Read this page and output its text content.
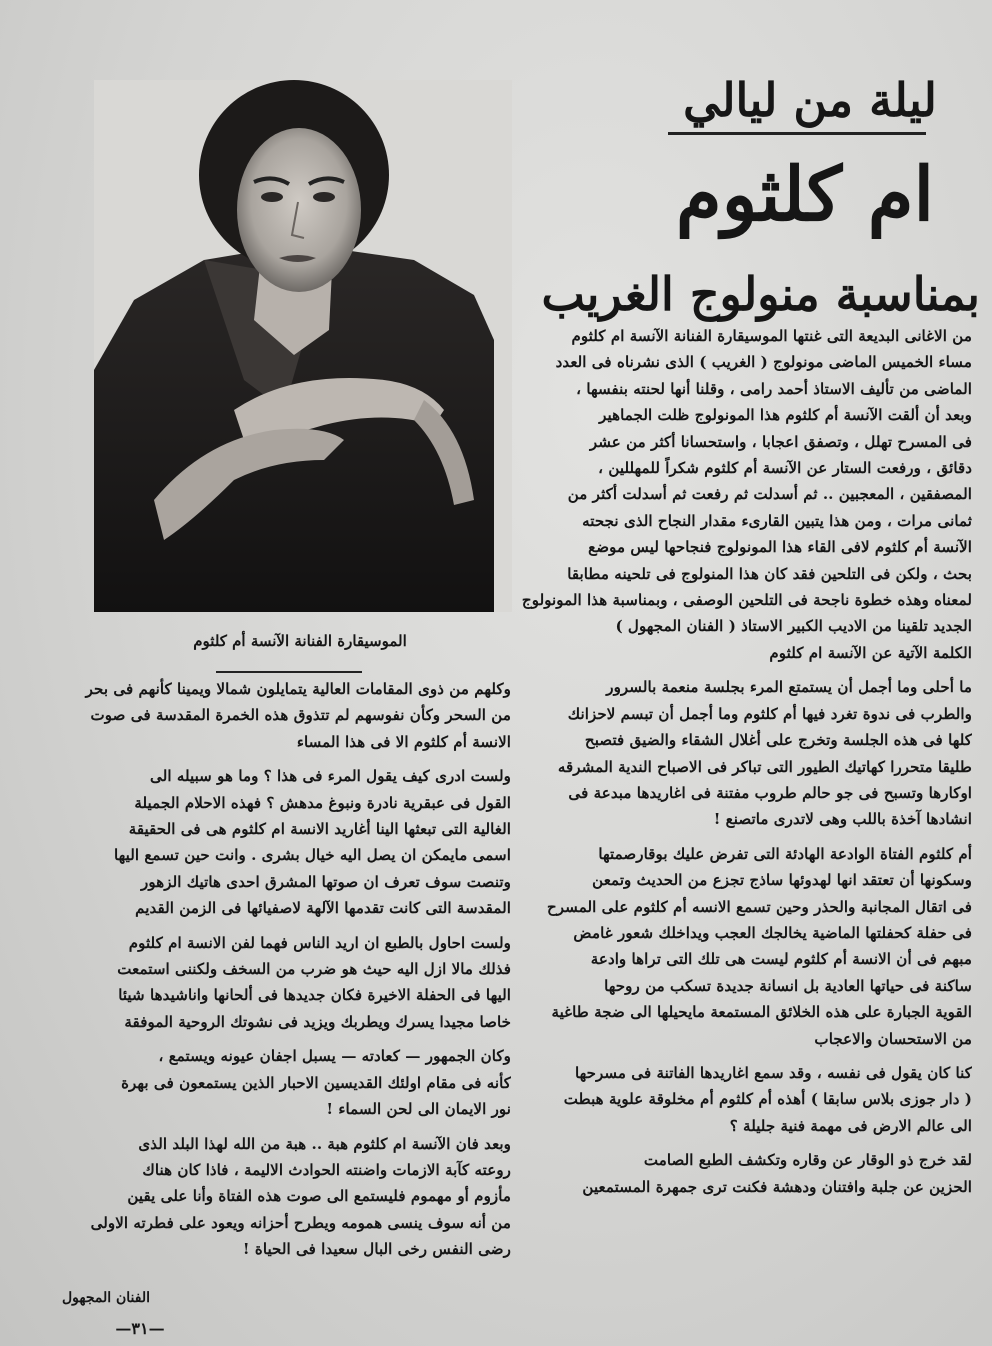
ليلة من ليالي
ام كلثوم
بمناسبة منولوج الغريب
الموسيقارة الفنانة الآنسة أم كلثوم

من الاغانى البديعة التى غنتها الموسيقارة الفنانة الآنسة ام كلثوم
مساء الخميس الماضى مونولوج ( الغريب ) الذى نشرناه فى العدد
الماضى من تأليف الاستاذ أحمد رامى ، وقلنا أنها لحنته بنفسها ،
وبعد أن ألقت الآنسة أم كلثوم هذا المونولوج ظلت الجماهير
فى المسرح تهلل ، وتصفق اعجابا ، واستحسانا أكثر من عشر
دقائق ، ورفعت الستار عن الآنسة أم كلثوم شكراً للمهللين ،
المصفقين ، المعجبين .. ثم أسدلت ثم رفعت ثم أسدلت أكثر من
ثمانى مرات ، ومن هذا يتبين القارىء مقدار النجاح الذى نجحته
الآنسة أم كلثوم لافى القاء هذا المونولوج فنجاحها ليس موضع
بحث ، ولكن فى التلحين فقد كان هذا المنولوج فى تلحينه مطابقا
لمعناه وهذه خطوة ناجحة فى التلحين الوصفى ، وبمناسبة هذا المونولوج
الجديد تلقينا من الاديب الكبير الاستاذ ( الفنان المجهول )
الكلمة الآتية عن الآنسة ام كلثوم

ما أحلى وما أجمل أن يستمتع المرء بجلسة منعمة بالسرور
والطرب فى ندوة تغرد فيها أم كلثوم وما أجمل أن تبسم لاحزانك
كلها فى هذه الجلسة وتخرج على أغلال الشقاء والضيق فتصبح
طليقا متحررا كهاتيك الطيور التى تباكر فى الاصباح الندية المشرقه
اوكارها وتسبح فى جو حالم طروب مفتنة فى اغاريدها مبدعة فى
انشادها آخذة باللب وهى لاتدرى ماتصنع !

أم كلثوم الفتاة الوادعة الهادئة التى تفرض عليك بوقارصمتها
وسكونها أن تعتقد انها لهدوئها ساذج تجزع من الحديث وتمعن
فى اتقال المجانبة والحذر وحين تسمع الانسه أم كلثوم على المسرح
فى حفلة كحفلتها الماضية يخالجك العجب ويداخلك شعور غامض
مبهم فى أن الانسة أم كلثوم ليست هى تلك التى تراها وادعة
ساكنة فى حياتها العادية بل انسانة جديدة تسكب من روحها
القوية الجبارة على هذه الخلائق المستمعة مايحيلها الى ضجة طاغية
من الاستحسان والاعجاب

كنا كان يقول فى نفسه ، وقد سمع اغاريدها الفاتنة فى مسرحها
( دار جوزى بلاس سابقا ) أهذه أم كلثوم أم مخلوقة علوية هبطت
الى عالم الارض فى مهمة فنية جليلة ؟

لقد خرج ذو الوقار عن وقاره وتكشف الطبع الصامت
الحزين عن جلبة وافتنان ودهشة فكنت ترى جمهرة المستمعين

وكلهم من ذوى المقامات العالية يتمايلون شمالا ويمينا كأنهم فى بحر
من السحر وكأن نفوسهم لم تتذوق هذه الخمرة المقدسة فى صوت
الانسة أم كلثوم الا فى هذا المساء

ولست ادرى كيف يقول المرء فى هذا ؟ وما هو سبيله الى
القول فى عبقرية نادرة ونبوغ مدهش ؟ فهذه الاحلام الجميلة
الغالية التى تبعثها الينا أغاريد الانسة ام كلثوم هى فى الحقيقة
اسمى مايمكن ان يصل اليه خيال بشرى . وانت حين تسمع اليها
وتنصت سوف تعرف ان صوتها المشرق احدى هاتيك الزهور
المقدسة التى كانت تقدمها الآلهة لاصفيائها فى الزمن القديم

ولست احاول بالطبع ان اريد الناس فهما لفن الانسة ام كلثوم
فذلك مالا ازل اليه حيث هو ضرب من السخف ولكننى استمعت
اليها فى الحفلة الاخيرة فكان جديدها فى ألحانها واناشيدها شيئا
خاصا مجيدا يسرك ويطربك ويزيد فى نشوتك الروحية الموفقة

وكان الجمهور — كعادته — يسبل اجفان عيونه ويستمع ،
كأنه فى مقام اولئك القديسين الاحبار الذين يستمعون فى بهرة
نور الايمان الى لحن السماء !

وبعد فان الآنسة ام كلثوم هبة .. هبة من الله لهذا البلد الذى
روعته كآبة الازمات واضنته الحوادث الاليمة ، فاذا كان هناك
مأزوم أو مهموم فليستمع الى صوت هذه الفتاة وأنا على يقين
من أنه سوف ينسى همومه ويطرح أحزانه ويعود على فطرته الاولى
رضى النفس رخى البال سعيدا فى الحياة !

الفنان المجهول
—٣١—
